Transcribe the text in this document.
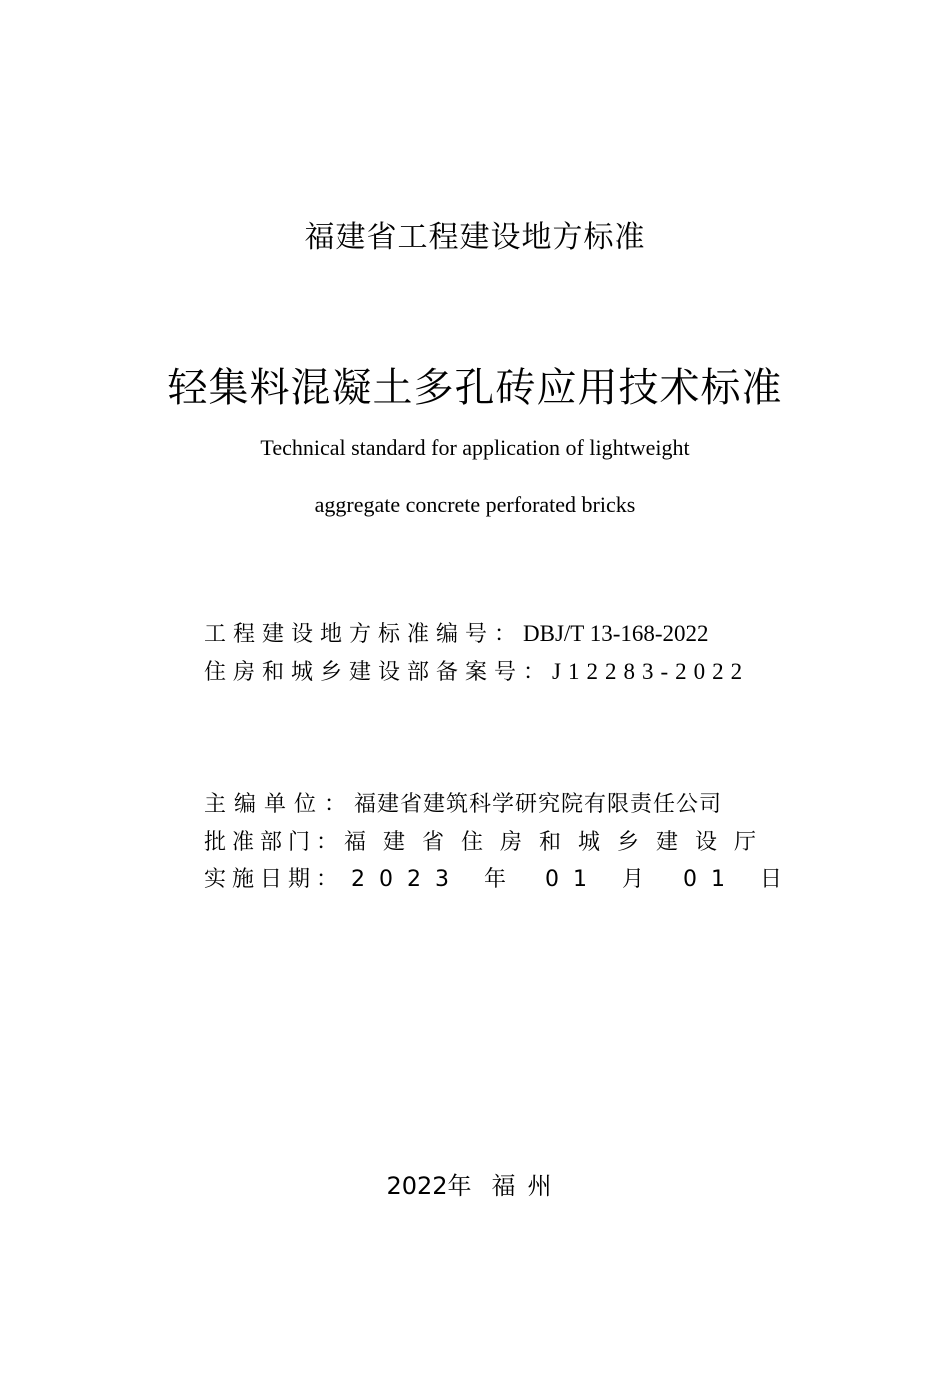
福建省工程建设地方标准
轻集料混凝土多孔砖应用技术标准
Technical standard for application of lightweight
aggregate concrete perforated bricks
工程建设地方标准编号：DBJ/T 13-168-2022
住房和城乡建设部备案号：J12283-2022
主编单位：福建省建筑科学研究院有限责任公司
批准部门：福建省住房和城乡建设厅
实施日期： 2023 年 01 月 01 日
2022年 福州
